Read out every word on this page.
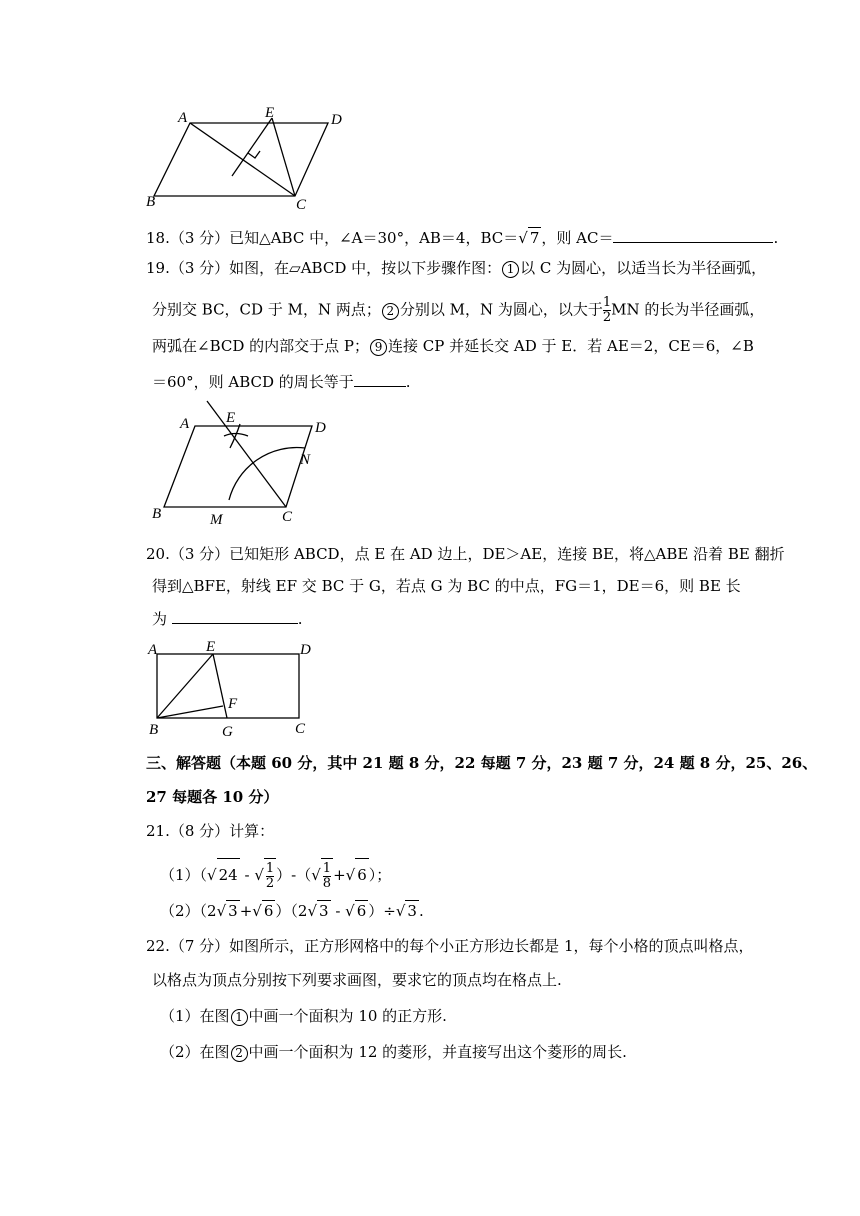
A	E	D
B	C
18.（3 分）已知△ABC 中，∠A＝30°，AB＝4，BC＝√ 7 ，则 AC＝	.
19.（3 分）如图，在▱ABCD 中，按以下步骤作图： 1 以 C 为圆心，以适当长为半径画弧，
分别交 BC，CD 于 M，N 两点； 2 分别以 M，N 为圆心，以大于 $\frac{1}{2}$ MN 的长为半径画弧，
两弧在∠BCD 的内部交于点 P； 9 连接 CP 并延长交 AD 于 E．若 AE＝2，CE＝6，∠B
＝60°，则 ABCD 的周长等于	.
A E
D
N
B	M	C
20.（3 分）已知矩形 ABCD，点 E 在 AD 边上，DE＞AE，连接 BE，将△ABE 沿着 BE 翻折
得到△BFE，射线 EF 交 BC 于 G，若点 G 为 BC 的中点，FG＝1，DE＝6，则 BE 长
为	.
A	E	D
F
B	G	C
三、解答题（本题 60 分，其中 21 题 8 分，22 每题 7 分，23 题 7 分，24 题 8 分，25、26、
27 每题各 10 分）
21.（8 分）计算：
（1）（√ 24 - √ $\frac{1}{2}$ ）-（√ $\frac{1}{8}$ +√ 6 ）；
（2）（2√ 3 +√ 6 ）（2√ 3 - √ 6 ）÷√ 3 .
22.（7 分）如图所示，正方形网格中的每个小正方形边长都是 1，每个小格的顶点叫格点，
以格点为顶点分别按下列要求画图，要求它的顶点均在格点上.
（1）在图 1 中画一个面积为 10 的正方形.
（2）在图 2 中画一个面积为 12 的菱形，并直接写出这个菱形的周长.
